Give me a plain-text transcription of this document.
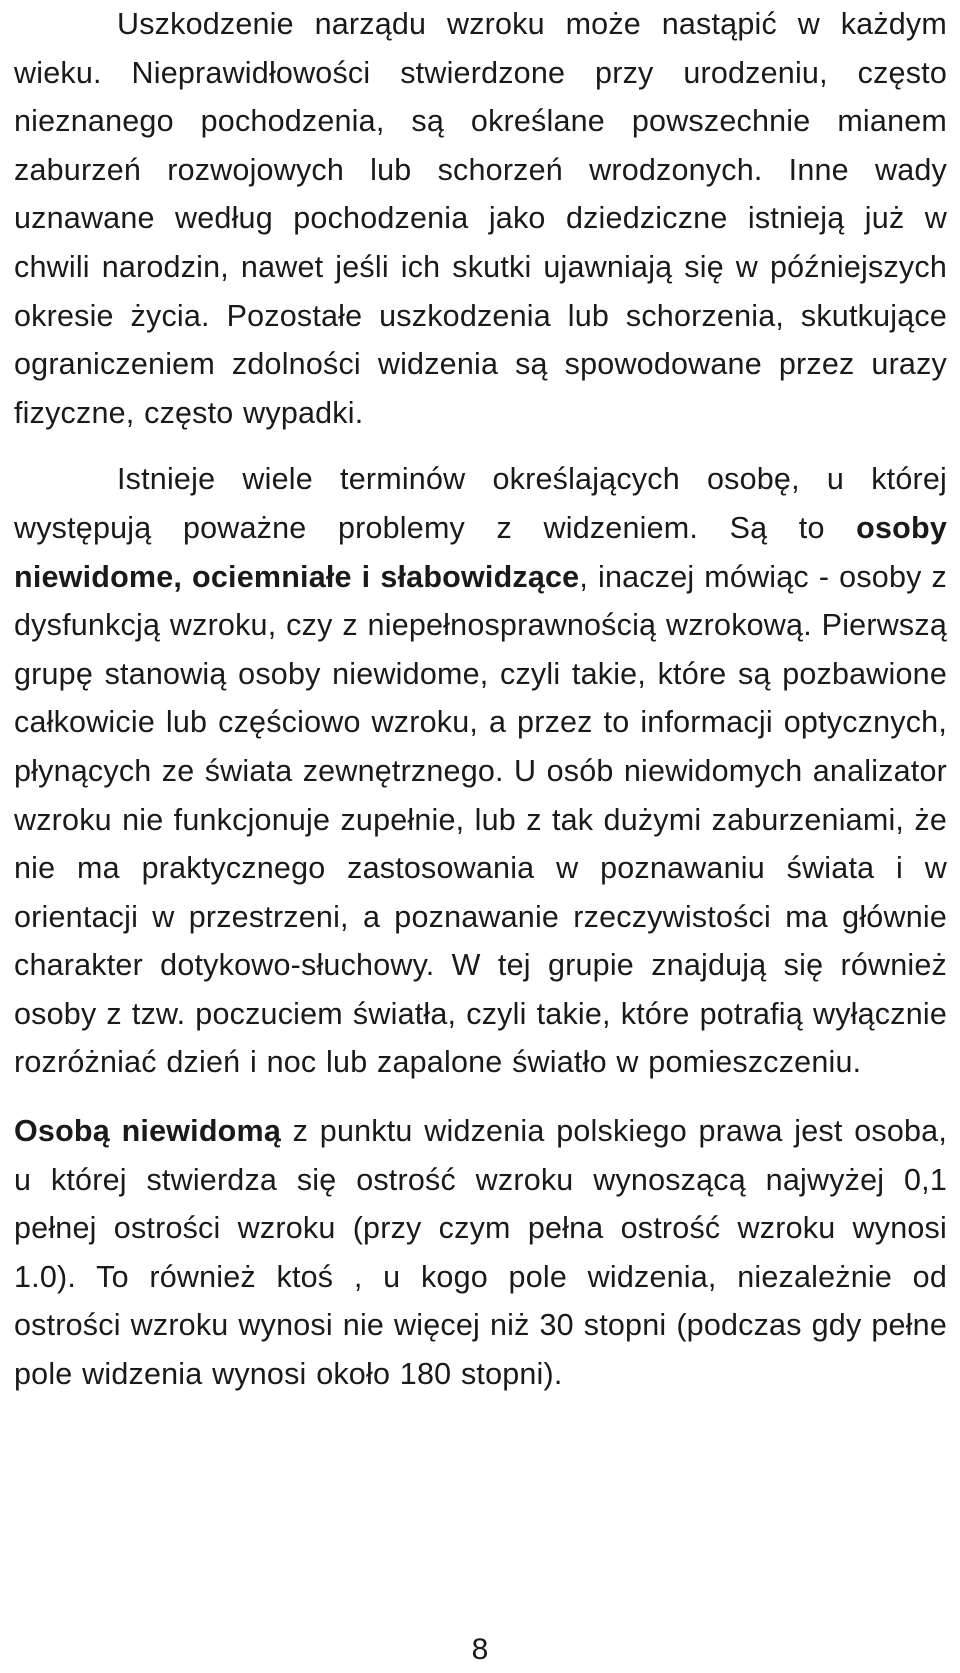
Uszkodzenie narządu wzroku może nastąpić w każdym wieku. Nieprawidłowości stwierdzone przy urodzeniu, często nieznanego pochodzenia, są określane powszechnie mianem zaburzeń rozwojowych lub schorzeń wrodzonych. Inne wady uznawane według pochodzenia jako dziedziczne istnieją już w chwili narodzin, nawet jeśli ich skutki ujawniają się w późniejszych okresie życia. Pozostałe uszkodzenia lub schorzenia, skutkujące ograniczeniem zdolności widzenia są spowodowane przez urazy fizyczne, często wypadki.

Istnieje wiele terminów określających osobę, u której występują poważne problemy z widzeniem. Są to osoby niewidome, ociemniałe i słabowidzące, inaczej mówiąc - osoby z dysfunkcją wzroku, czy z niepełnosprawnością wzrokową. Pierwszą grupę stanowią osoby niewidome, czyli takie, które są pozbawione całkowicie lub częściowo wzroku, a przez to informacji optycznych, płynących ze świata zewnętrznego. U osób niewidomych analizator wzroku nie funkcjonuje zupełnie, lub z tak dużymi zaburzeniami, że nie ma praktycznego zastosowania w poznawaniu świata i w orientacji w przestrzeni, a poznawanie rzeczywistości ma głównie charakter dotykowo-słuchowy. W tej grupie znajdują się również osoby z tzw. poczuciem światła, czyli takie, które potrafią wyłącznie rozróżniać dzień i noc lub zapalone światło w pomieszczeniu.

Osobą niewidomą z punktu widzenia polskiego prawa jest osoba, u której stwierdza się ostrość wzroku wynoszącą najwyżej 0,1 pełnej ostrości wzroku (przy czym pełna ostrość wzroku wynosi 1.0). To również ktoś , u kogo pole widzenia, niezależnie od ostrości wzroku wynosi nie więcej niż 30 stopni (podczas gdy pełne pole widzenia wynosi około 180 stopni).

8
